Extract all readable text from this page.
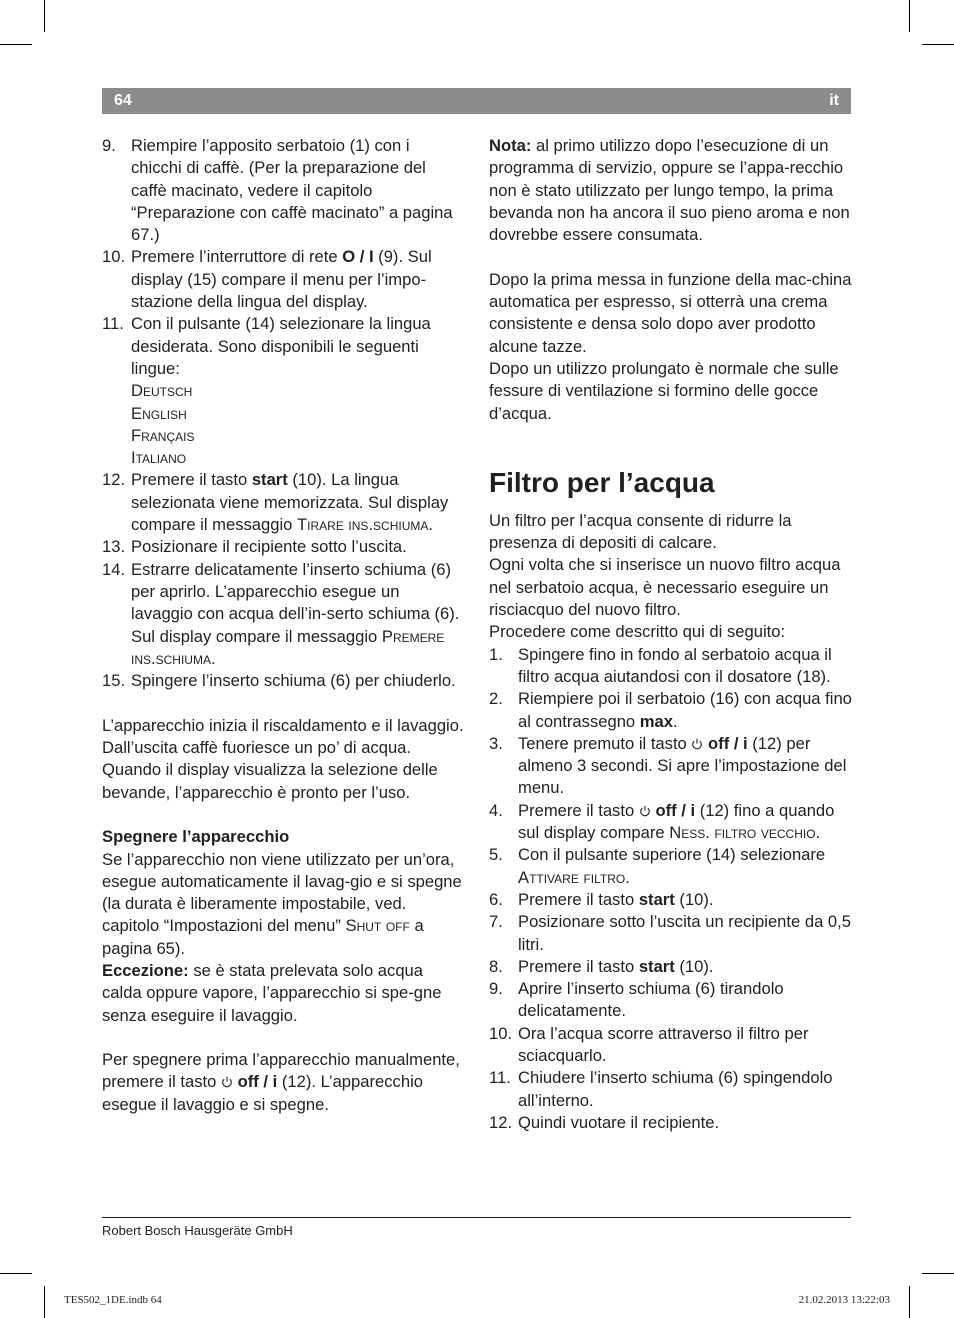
64	it
9. Riempire l’apposito serbatoio (1) con i chicchi di caffè. (Per la preparazione del caffè macinato, vedere il capitolo “Preparazione con caffè macinato” a pagina 67.)
10. Premere l’interruttore di rete O / I (9). Sul display (15) compare il menu per l’impo-stazione della lingua del display.
11. Con il pulsante (14) selezionare la lingua desiderata. Sono disponibili le seguenti lingue:
Deutsch
English
Français
Italiano
12. Premere il tasto start (10). La lingua selezionata viene memorizzata. Sul display compare il messaggio Tirare ins.schiuma.
13. Posizionare il recipiente sotto l’uscita.
14. Estrarre delicatamente l’inserto schiuma (6) per aprirlo. L’apparecchio esegue un lavaggio con acqua dell’in-serto schiuma (6). Sul display compare il messaggio Premere ins.schiuma.
15. Spingere l’inserto schiuma (6) per chiuderlo.
L’apparecchio inizia il riscaldamento e il lavaggio. Dall’uscita caffè fuoriesce un po’ di acqua. Quando il display visualizza la selezione delle bevande, l’apparecchio è pronto per l’uso.
Spegnere l’apparecchio
Se l’apparecchio non viene utilizzato per un’ora, esegue automaticamente il lavag-gio e si spegne (la durata è liberamente impostabile, ved. capitolo “Impostazioni del menu” Shut off a pagina 65).
Eccezione: se è stata prelevata solo acqua calda oppure vapore, l’apparecchio si spe-gne senza eseguire il lavaggio.
Per spegnere prima l’apparecchio manualmente, premere il tasto  off / i (12). L’apparecchio esegue il lavaggio e si spegne.
Nota: al primo utilizzo dopo l’esecuzione di un programma di servizio, oppure se l’appa-recchio non è stato utilizzato per lungo tempo, la prima bevanda non ha ancora il suo pieno aroma e non dovrebbe essere consumata.
Dopo la prima messa in funzione della mac-china automatica per espresso, si otterrà una crema consistente e densa solo dopo aver prodotto alcune tazze.
Dopo un utilizzo prolungato è normale che sulle fessure di ventilazione si formino delle gocce d’acqua.
Filtro per l’acqua
Un filtro per l’acqua consente di ridurre la presenza di depositi di calcare.
Ogni volta che si inserisce un nuovo filtro acqua nel serbatoio acqua, è necessario eseguire un risciacquo del nuovo filtro.
Procedere come descritto qui di seguito:
1. Spingere fino in fondo al serbatoio acqua il filtro acqua aiutandosi con il dosatore (18).
2. Riempiere poi il serbatoio (16) con acqua fino al contrassegno max.
3. Tenere premuto il tasto  off / i (12) per almeno 3 secondi. Si apre l’impostazione del menu.
4. Premere il tasto  off / i (12) fino a quando sul display compare Ness. filtro vecchio.
5. Con il pulsante superiore (14) selezionare Attivare filtro.
6. Premere il tasto start (10).
7. Posizionare sotto l’uscita un recipiente da 0,5 litri.
8. Premere il tasto start (10).
9. Aprire l’inserto schiuma (6) tirandolo delicatamente.
10. Ora l’acqua scorre attraverso il filtro per sciacquarlo.
11. Chiudere l’inserto schiuma (6) spingendolo all’interno.
12. Quindi vuotare il recipiente.
Robert Bosch Hausgeräte GmbH
TES502_1DE.indb 64	21.02.2013 13:22:03
